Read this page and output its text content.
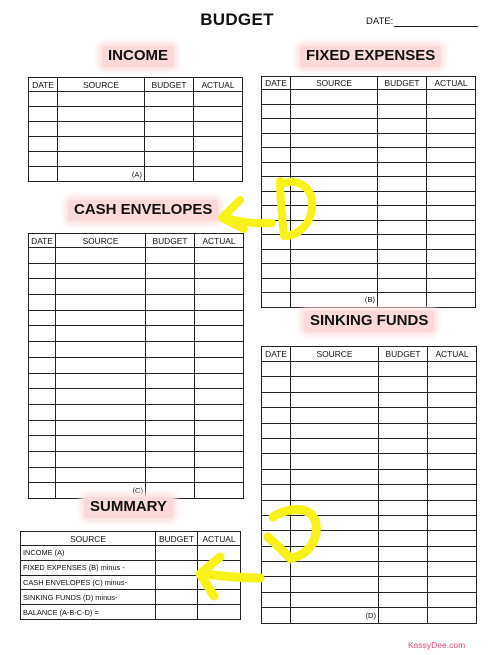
BUDGET	DATE:
INCOME
DATE	SOURCE	BUDGET	ACTUAL

	(A)		

FIXED EXPENSES
DATE	SOURCE	BUDGET	ACTUAL

	(B)		

CASH ENVELOPES
DATE	SOURCE	BUDGET	ACTUAL

	(C)		

SINKING FUNDS
DATE	SOURCE	BUDGET	ACTUAL

	(D)		

SUMMARY
SOURCE	BUDGET	ACTUAL
INCOME (A)		
FIXED EXPENSES (B) minus -		
CASH ENVELOPES (C) minus-		
SINKING FUNDS (D) minus-		
BALANCE (A-B-C-D) =		
KassyDee.com
